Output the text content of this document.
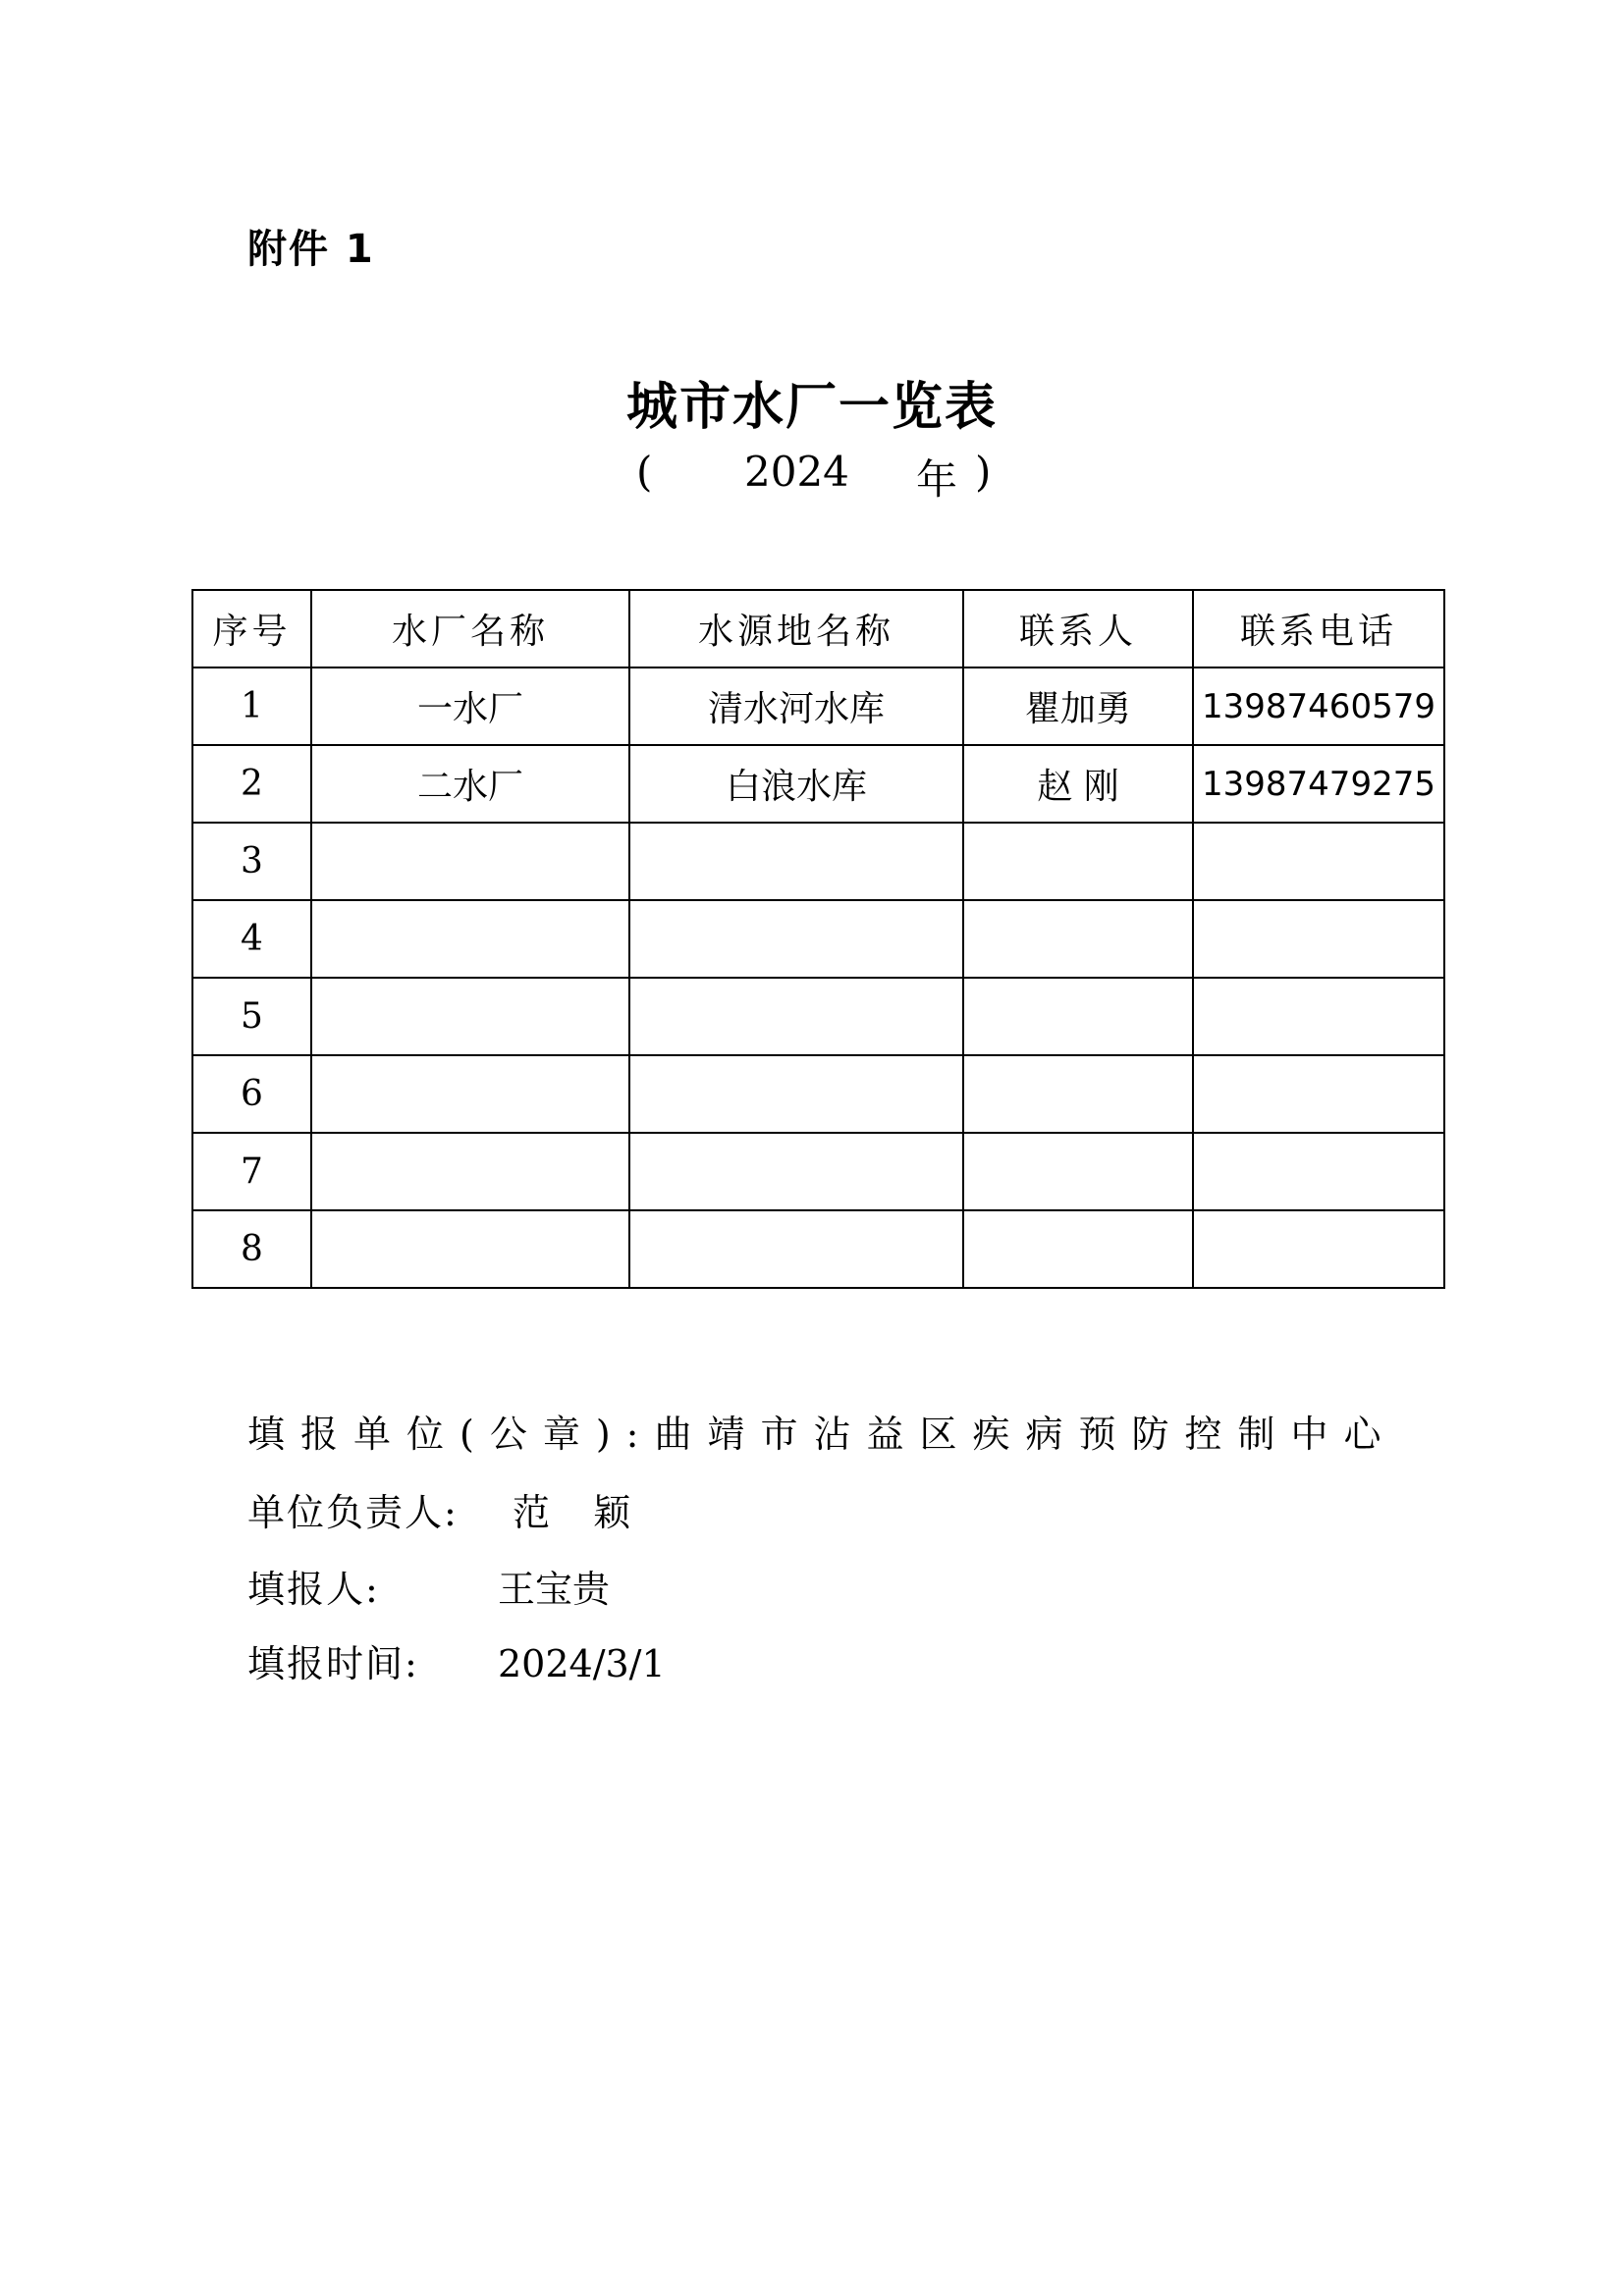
附件 1
城市水厂一览表
( 2024 年 )
序号	水厂名称	水源地名称	联系人	联系电话
1	一水厂	清水河水库	瞿加勇	13987460579
2	二水厂	白浪水库	赵 刚	13987479275
3				
4				
5				
6				
7				
8				
填报单位(公章):曲靖市沾益区疾病预防控制中心
单位负责人: 范 颖
填报人:	王宝贵
填报时间: 2024/3/1
